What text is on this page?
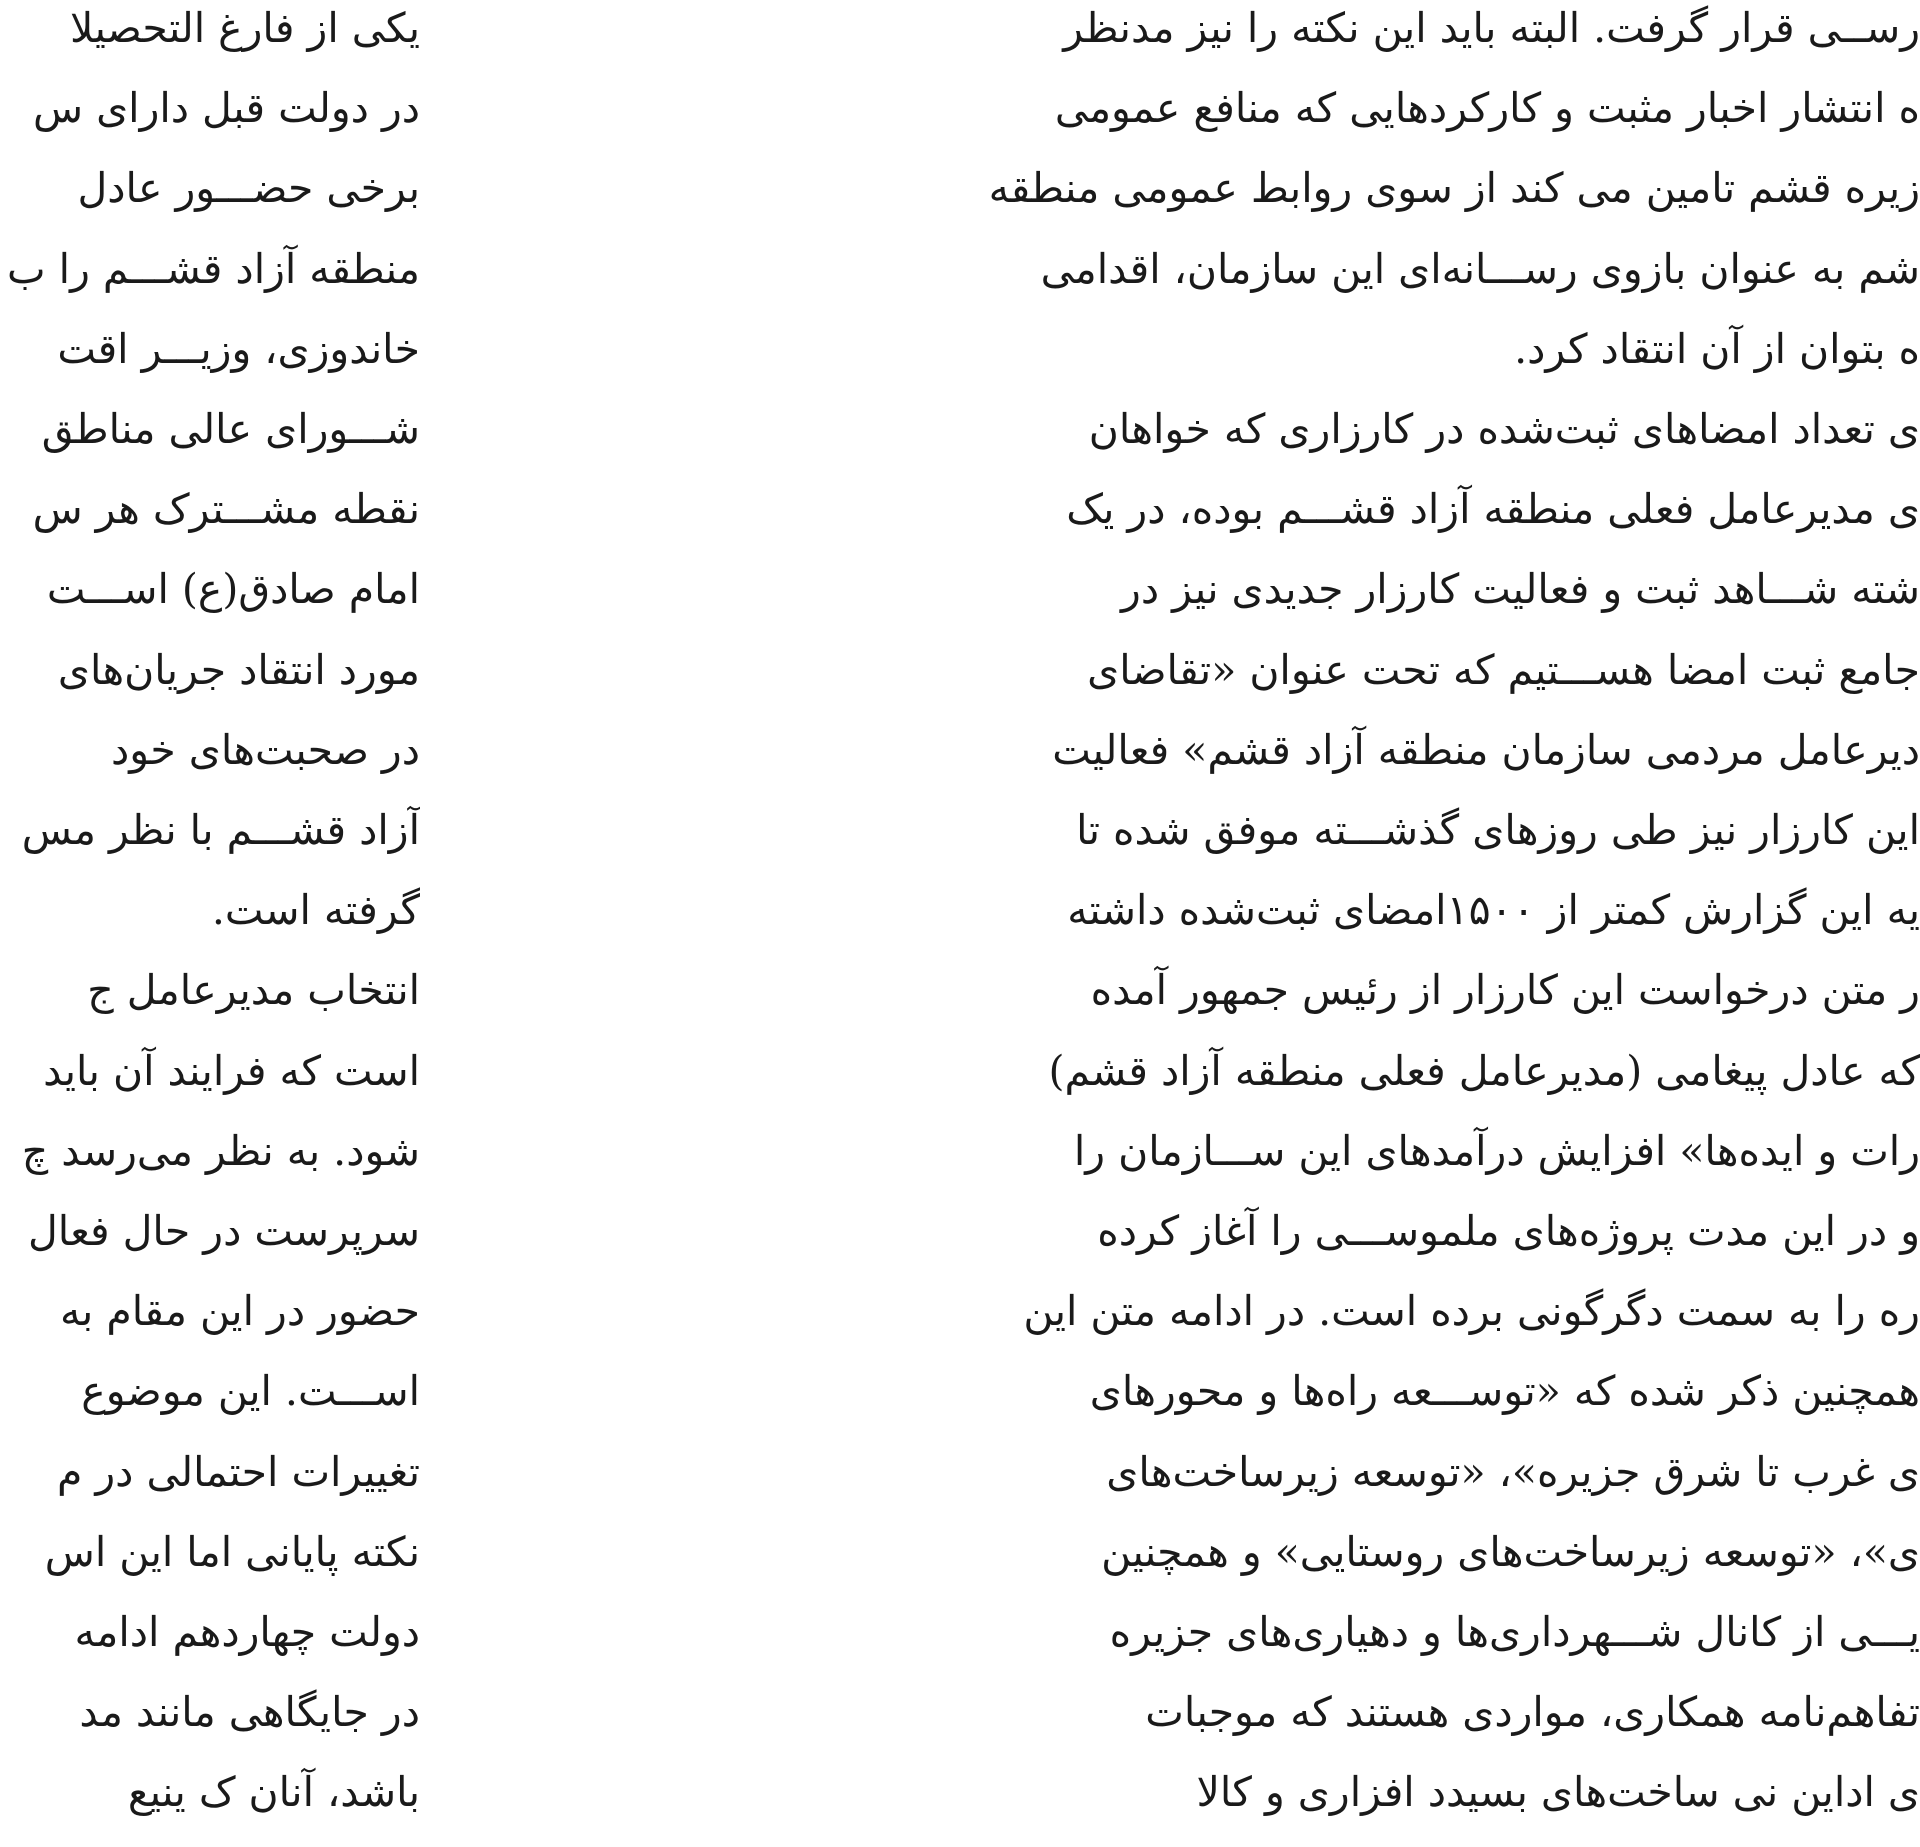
یکی از فارغ التحصیلا
در دولت قبل دارای س
برخی حضـــور عادل
منطقه آزاد قشـــم را ب
خاندوزی، وزیـــر اقت
شـــورای عالی مناطق
نقطه مشـــترک هر س
امام صادق(ع) اســـت
مورد انتقاد جریان‌های
در صحبت‌های خود
آزاد قشـــم با نظر مس
گرفته است.
انتخاب مدیرعامل ج
است که فرایند آن باید
شود. به نظر می‌رسد چ
سرپرست در حال فعال
حضور در این مقام به
اســـت. این موضوع
تغییرات احتمالی در م
نکته پایانی اما این اس
دولت چهاردهم ادامه
در جایگاهی مانند مد
باشد، آنان ک ینیع
رســی قرار گرفت. البته باید این نکته را نیز مدنظر
ه انتشار اخبار مثبت و کارکردهایی که منافع عمومی
زیره قشم تامین می کند از سوی روابط عمومی منطقه
شم به عنوان بازوی رســـانه‌ای این سازمان، اقدامی
ه بتوان از آن انتقاد کرد.
ی تعداد امضاهای ثبت‌شده در کارزاری که خواهان
ی مدیرعامل فعلی منطقه آزاد قشـــم بوده، در یک
شته شـــاهد ثبت و فعالیت کارزار جدیدی نیز در
جامع ثبت امضا هســـتیم که تحت عنوان «تقاضای
دیرعامل مردمی سازمان منطقه آزاد قشم» فعالیت
این کارزار نیز طی روزهای گذشـــته موفق شده تا
یه این گزارش کمتر از ۱۵۰۰امضای ثبت‌شده داشته
ر متن درخواست این کارزار از رئیس جمهور آمده
که عادل پیغامی (مدیرعامل فعلی منطقه آزاد قشم)
رات و ایده‌ها» افزایش درآمدهای این ســـازمان را
و در این مدت پروژه‌های ملموســـی را آغاز کرده
ره را به سمت دگرگونی برده است. در ادامه متن این
همچنین ذکر شده که «توســـعه راه‌ها و محورهای
ی غرب تا شرق جزیره»، «توسعه زیرساخت‌های
ی»، «توسعه زیرساخت‌های روستایی» و همچنین
یـــی از کانال شـــهرداری‌ها و دهیاری‌های جزیره
تفاهم‌نامه همکاری، مواردی هستند که موجبات
ی اداین نی ساخت‌های بسیدد افزاری و کالا
